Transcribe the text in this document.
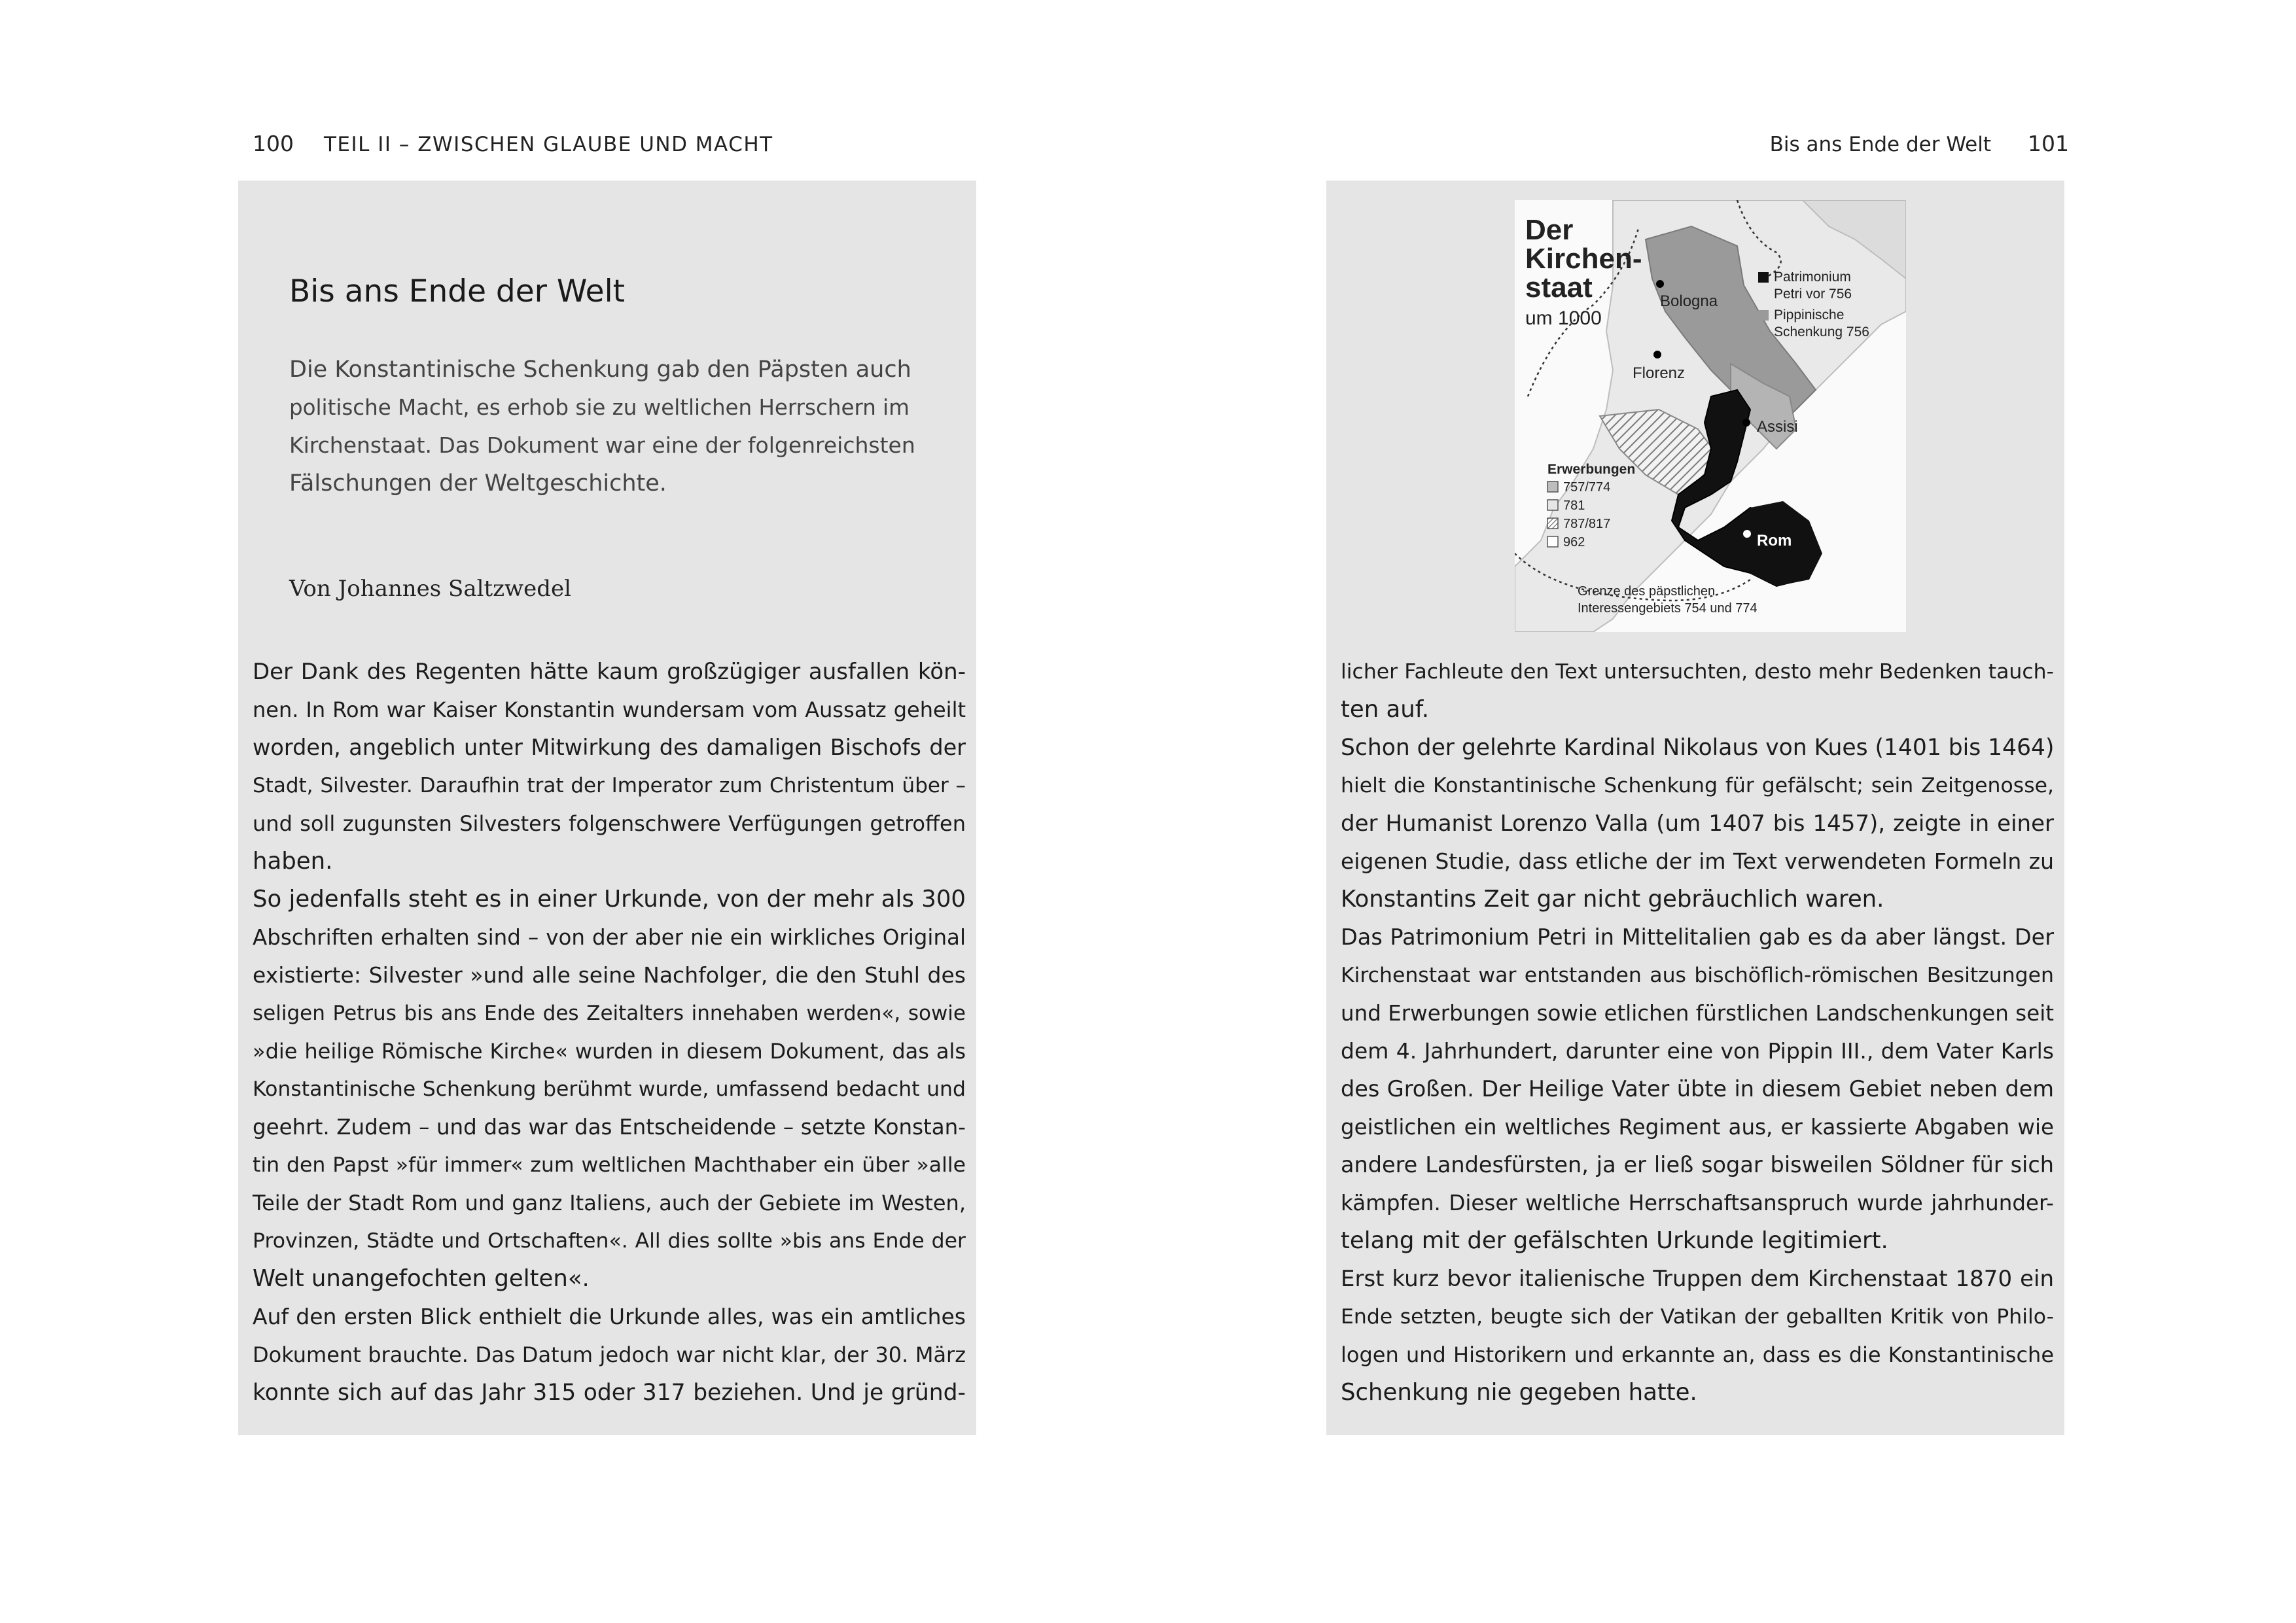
100 TEIL II – ZWISCHEN GLAUBE UND MACHT
Bis ans Ende der Welt
Die Konstantinische Schenkung gab den Päpsten auch
politische Macht, es erhob sie zu weltlichen Herrschern im
Kirchenstaat. Das Dokument war eine der folgenreichsten
Fälschungen der Weltgeschichte.
Von Johannes Saltzwedel
Der Dank des Regenten hätte kaum großzügiger ausfallen kön-
nen. In Rom war Kaiser Konstantin wundersam vom Aussatz geheilt
worden, angeblich unter Mitwirkung des damaligen Bischofs der
Stadt, Silvester. Daraufhin trat der Imperator zum Christentum über –
und soll zugunsten Silvesters folgenschwere Verfügungen getroffen
haben.
So jedenfalls steht es in einer Urkunde, von der mehr als 300
Abschriften erhalten sind – von der aber nie ein wirkliches Original
existierte: Silvester »und alle seine Nachfolger, die den Stuhl des
seligen Petrus bis ans Ende des Zeitalters innehaben werden«, sowie
»die heilige Römische Kirche« wurden in diesem Dokument, das als
Konstantinische Schenkung berühmt wurde, umfassend bedacht und
geehrt. Zudem – und das war das Entscheidende – setzte Konstan-
tin den Papst »für immer« zum weltlichen Machthaber ein über »alle
Teile der Stadt Rom und ganz Italiens, auch der Gebiete im Westen,
Provinzen, Städte und Ortschaften«. All dies sollte »bis ans Ende der
Welt unangefochten gelten«.
Auf den ersten Blick enthielt die Urkunde alles, was ein amtliches
Dokument brauchte. Das Datum jedoch war nicht klar, der 30. März
konnte sich auf das Jahr 315 oder 317 beziehen. Und je gründ-
Bis ans Ende der Welt 101
Der
Kirchen-
staat
um 1000
Bologna
Florenz
Assisi
Rom
Patrimonium
Petri vor 756
Pippinische
Schenkung 756
Erwerbungen
757/774
781
787/817
962
Grenze des päpstlichen
Interessengebiets 754 und 774
licher Fachleute den Text untersuchten, desto mehr Bedenken tauch-
ten auf.
Schon der gelehrte Kardinal Nikolaus von Kues (1401 bis 1464)
hielt die Konstantinische Schenkung für gefälscht; sein Zeitgenosse,
der Humanist Lorenzo Valla (um 1407 bis 1457), zeigte in einer
eigenen Studie, dass etliche der im Text verwendeten Formeln zu
Konstantins Zeit gar nicht gebräuchlich waren.
Das Patrimonium Petri in Mittelitalien gab es da aber längst. Der
Kirchenstaat war entstanden aus bischöflich-römischen Besitzungen
und Erwerbungen sowie etlichen fürstlichen Landschenkungen seit
dem 4. Jahrhundert, darunter eine von Pippin III., dem Vater Karls
des Großen. Der Heilige Vater übte in diesem Gebiet neben dem
geistlichen ein weltliches Regiment aus, er kassierte Abgaben wie
andere Landesfürsten, ja er ließ sogar bisweilen Söldner für sich
kämpfen. Dieser weltliche Herrschaftsanspruch wurde jahrhunder-
telang mit der gefälschten Urkunde legitimiert.
Erst kurz bevor italienische Truppen dem Kirchenstaat 1870 ein
Ende setzten, beugte sich der Vatikan der geballten Kritik von Philo-
logen und Historikern und erkannte an, dass es die Konstantinische
Schenkung nie gegeben hatte.
